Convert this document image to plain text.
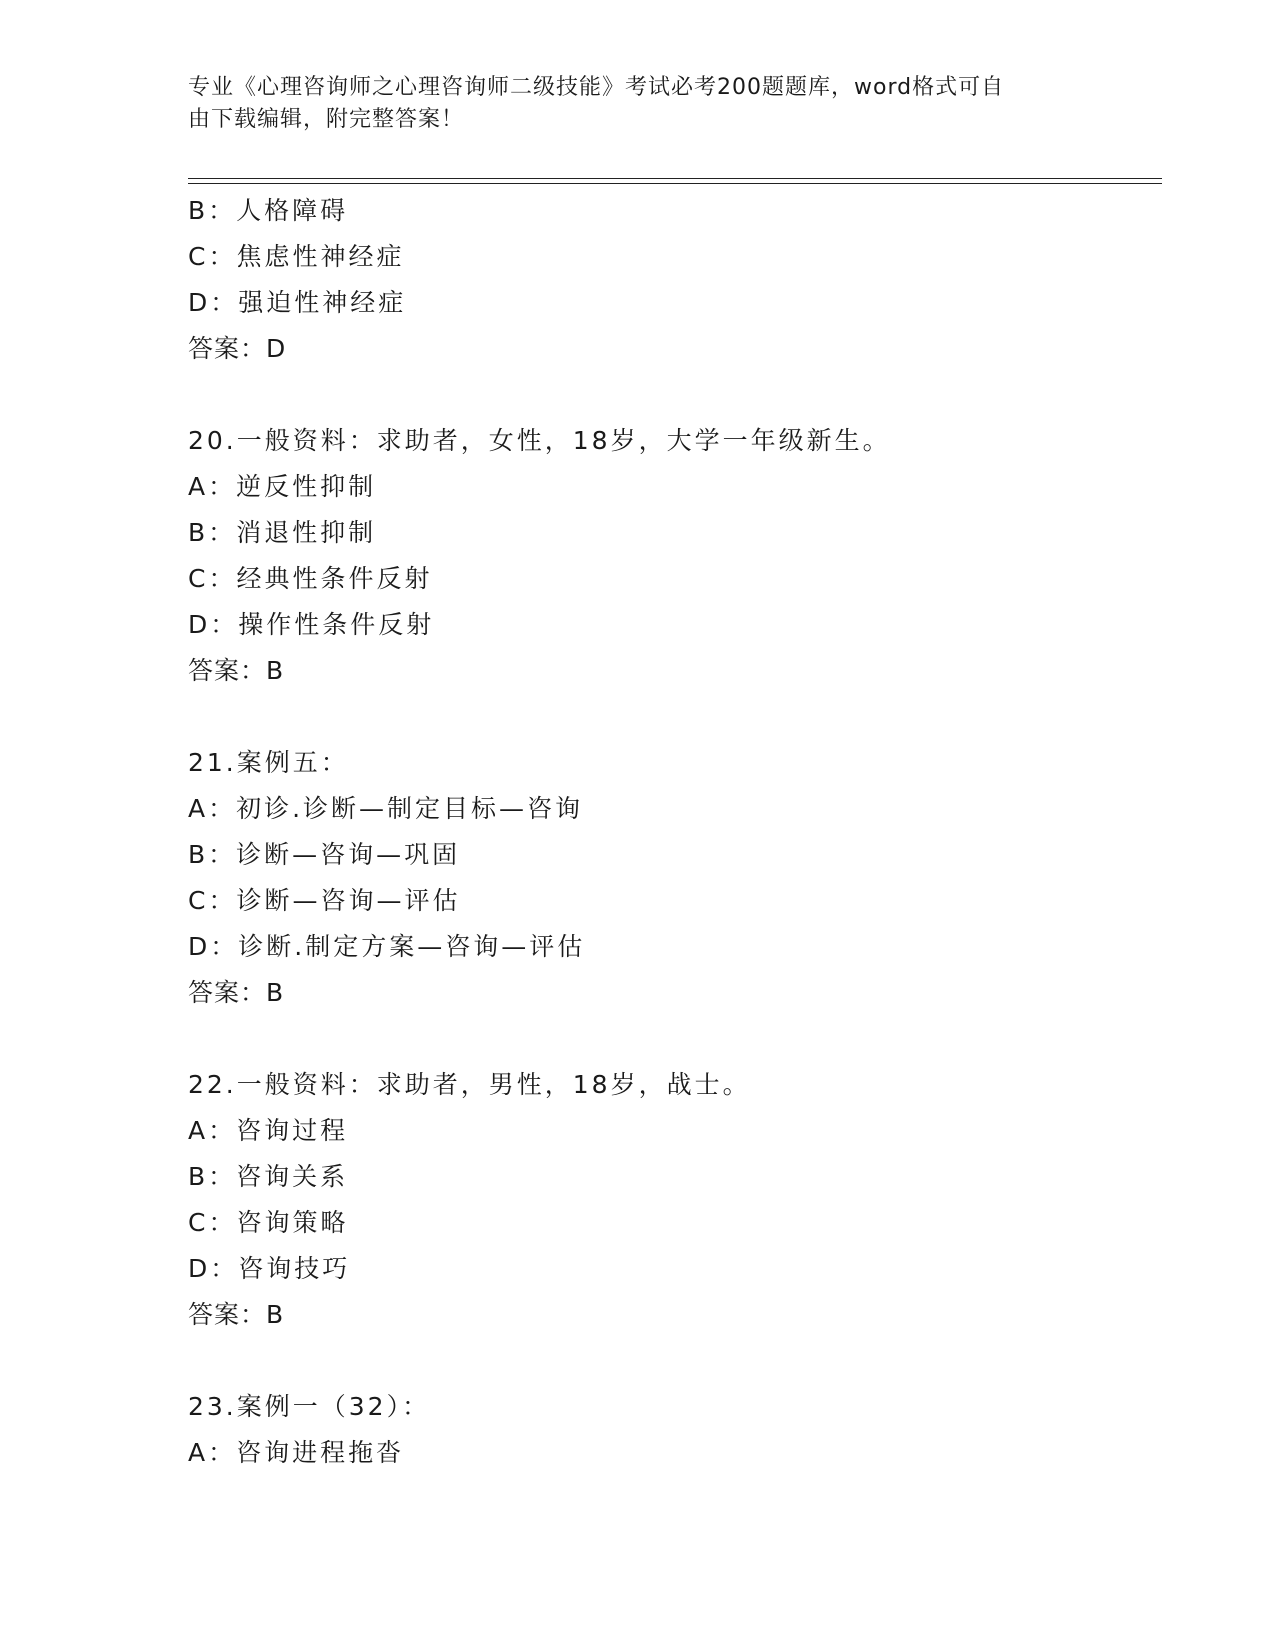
专业《心理咨询师之心理咨询师二级技能》考试必考200题题库，word格式可自
由下载编辑，附完整答案！
B：人格障碍
C：焦虑性神经症
D：强迫性神经症
答案：D
20.一般资料：求助者，女性，18岁，大学一年级新生。
A：逆反性抑制
B：消退性抑制
C：经典性条件反射
D：操作性条件反射
答案：B
21.案例五：
A：初诊.诊断—制定目标—咨询
B：诊断—咨询—巩固
C：诊断—咨询—评估
D：诊断.制定方案—咨询—评估
答案：B
22.一般资料：求助者，男性，18岁，战士。
A：咨询过程
B：咨询关系
C：咨询策略
D：咨询技巧
答案：B
23.案例一（32）：
A：咨询进程拖沓
